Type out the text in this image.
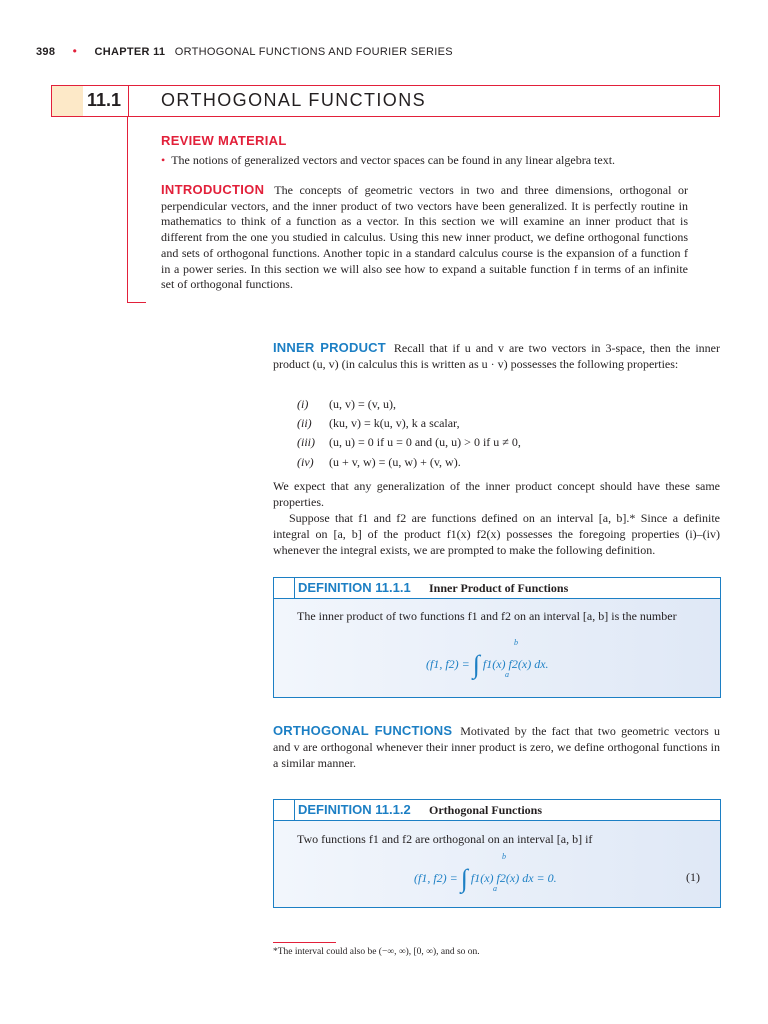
398 • CHAPTER 11 ORTHOGONAL FUNCTIONS AND FOURIER SERIES
11.1 ORTHOGONAL FUNCTIONS
REVIEW MATERIAL
• The notions of generalized vectors and vector spaces can be found in any linear algebra text.
INTRODUCTION The concepts of geometric vectors in two and three dimensions, orthogonal or perpendicular vectors, and the inner product of two vectors have been generalized. It is perfectly routine in mathematics to think of a function as a vector. In this section we will examine an inner product that is different from the one you studied in calculus. Using this new inner product, we define orthogonal functions and sets of orthogonal functions. Another topic in a standard calculus course is the expansion of a function f in a power series. In this section we will also see how to expand a suitable function f in terms of an infinite set of orthogonal functions.
INNER PRODUCT Recall that if u and v are two vectors in 3-space, then the inner product (u, v) (in calculus this is written as u · v) possesses the following properties:
(i) (u, v) = (v, u),
(ii) (ku, v) = k(u, v), k a scalar,
(iii) (u, u) = 0 if u = 0 and (u, u) > 0 if u ≠ 0,
(iv) (u + v, w) = (u, w) + (v, w).
We expect that any generalization of the inner product concept should have these same properties.
Suppose that f1 and f2 are functions defined on an interval [a, b].* Since a definite integral on [a, b] of the product f1(x) f2(x) possesses the foregoing properties (i)–(iv) whenever the integral exists, we are prompted to make the following definition.
DEFINITION 11.1.1 Inner Product of Functions
The inner product of two functions f1 and f2 on an interval [a, b] is the number
(f1, f2) = ∫
b
a
f1(x) f2(x) dx.
ORTHOGONAL FUNCTIONS Motivated by the fact that two geometric vectors u and v are orthogonal whenever their inner product is zero, we define orthogonal functions in a similar manner.
DEFINITION 11.1.2 Orthogonal Functions
Two functions f1 and f2 are orthogonal on an interval [a, b] if
(f1, f2) = ∫
b
a
f1(x) f2(x) dx = 0.	(1)
*The interval could also be (−∞, ∞), [0, ∞), and so on.
